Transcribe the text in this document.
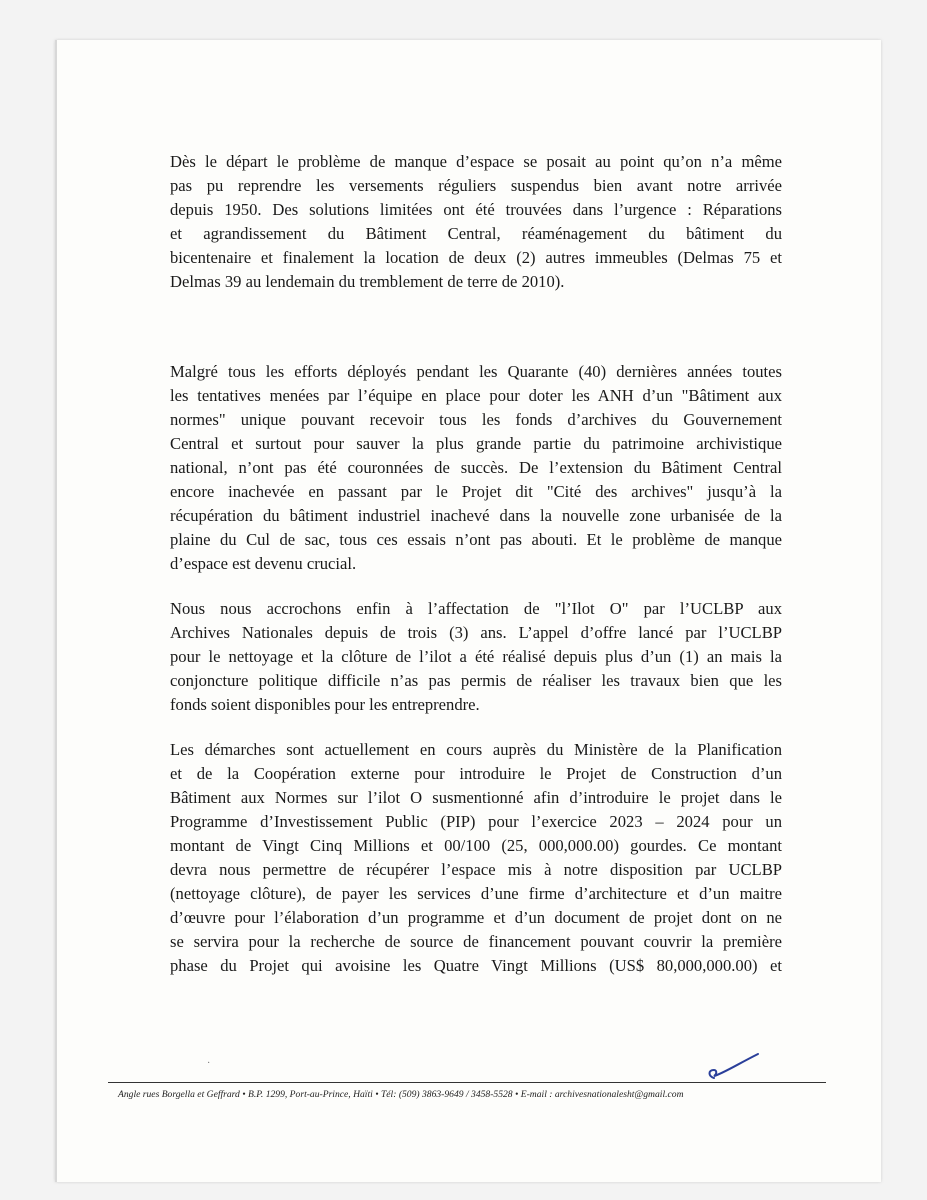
Dès le départ le problème de manque d’espace se posait au point qu’on n’a même
pas pu reprendre les versements réguliers suspendus bien avant notre arrivée
depuis 1950. Des solutions limitées ont été trouvées dans l’urgence : Réparations
et agrandissement du Bâtiment Central, réaménagement du bâtiment du
bicentenaire et finalement la location de deux (2) autres immeubles (Delmas 75 et
Delmas 39 au lendemain du tremblement de terre de 2010).
Malgré tous les efforts déployés pendant les Quarante (40) dernières années toutes
les tentatives menées par l’équipe en place pour doter les ANH d’un "Bâtiment aux
normes" unique pouvant recevoir tous les fonds d’archives du Gouvernement
Central et surtout pour sauver la plus grande partie du patrimoine archivistique
national, n’ont pas été couronnées de succès. De l’extension du Bâtiment Central
encore inachevée en passant par le Projet dit "Cité des archives" jusqu’à la
récupération du bâtiment industriel inachevé dans la nouvelle zone urbanisée de la
plaine du Cul de sac, tous ces essais n’ont pas abouti. Et le problème de manque
d’espace est devenu crucial.
Nous nous accrochons enfin à l’affectation de "l’Ilot O" par l’UCLBP aux
Archives Nationales depuis de trois (3) ans. L’appel d’offre lancé par l’UCLBP
pour le nettoyage et la clôture de l’ilot a été réalisé depuis plus d’un (1) an mais la
conjoncture politique difficile n’as pas permis de réaliser les travaux bien que les
fonds soient disponibles pour les entreprendre.
Les démarches sont actuellement en cours auprès du Ministère de la Planification
et de la Coopération externe pour introduire le Projet de Construction d’un
Bâtiment aux Normes sur l’ilot O susmentionné afin d’introduire le projet dans le
Programme d’Investissement Public (PIP) pour l’exercice 2023 – 2024 pour un
montant de Vingt Cinq Millions et 00/100 (25, 000,000.00) gourdes. Ce montant
devra nous permettre de récupérer l’espace mis à notre disposition par UCLBP
(nettoyage clôture), de payer les services d’une firme d’architecture et d’un maitre
d’œuvre pour l’élaboration d’un programme et d’un document de projet dont on ne
se servira pour la recherche de source de financement pouvant couvrir la première
phase du Projet qui avoisine les Quatre Vingt Millions (US$ 80,000,000.00) et
·
Angle rues Borgella et Geffrard • B.P. 1299, Port-au-Prince, Haïti • Tél: (509) 3863-9649 / 3458-5528 • E-mail : archivesnationalesht@gmail.com
